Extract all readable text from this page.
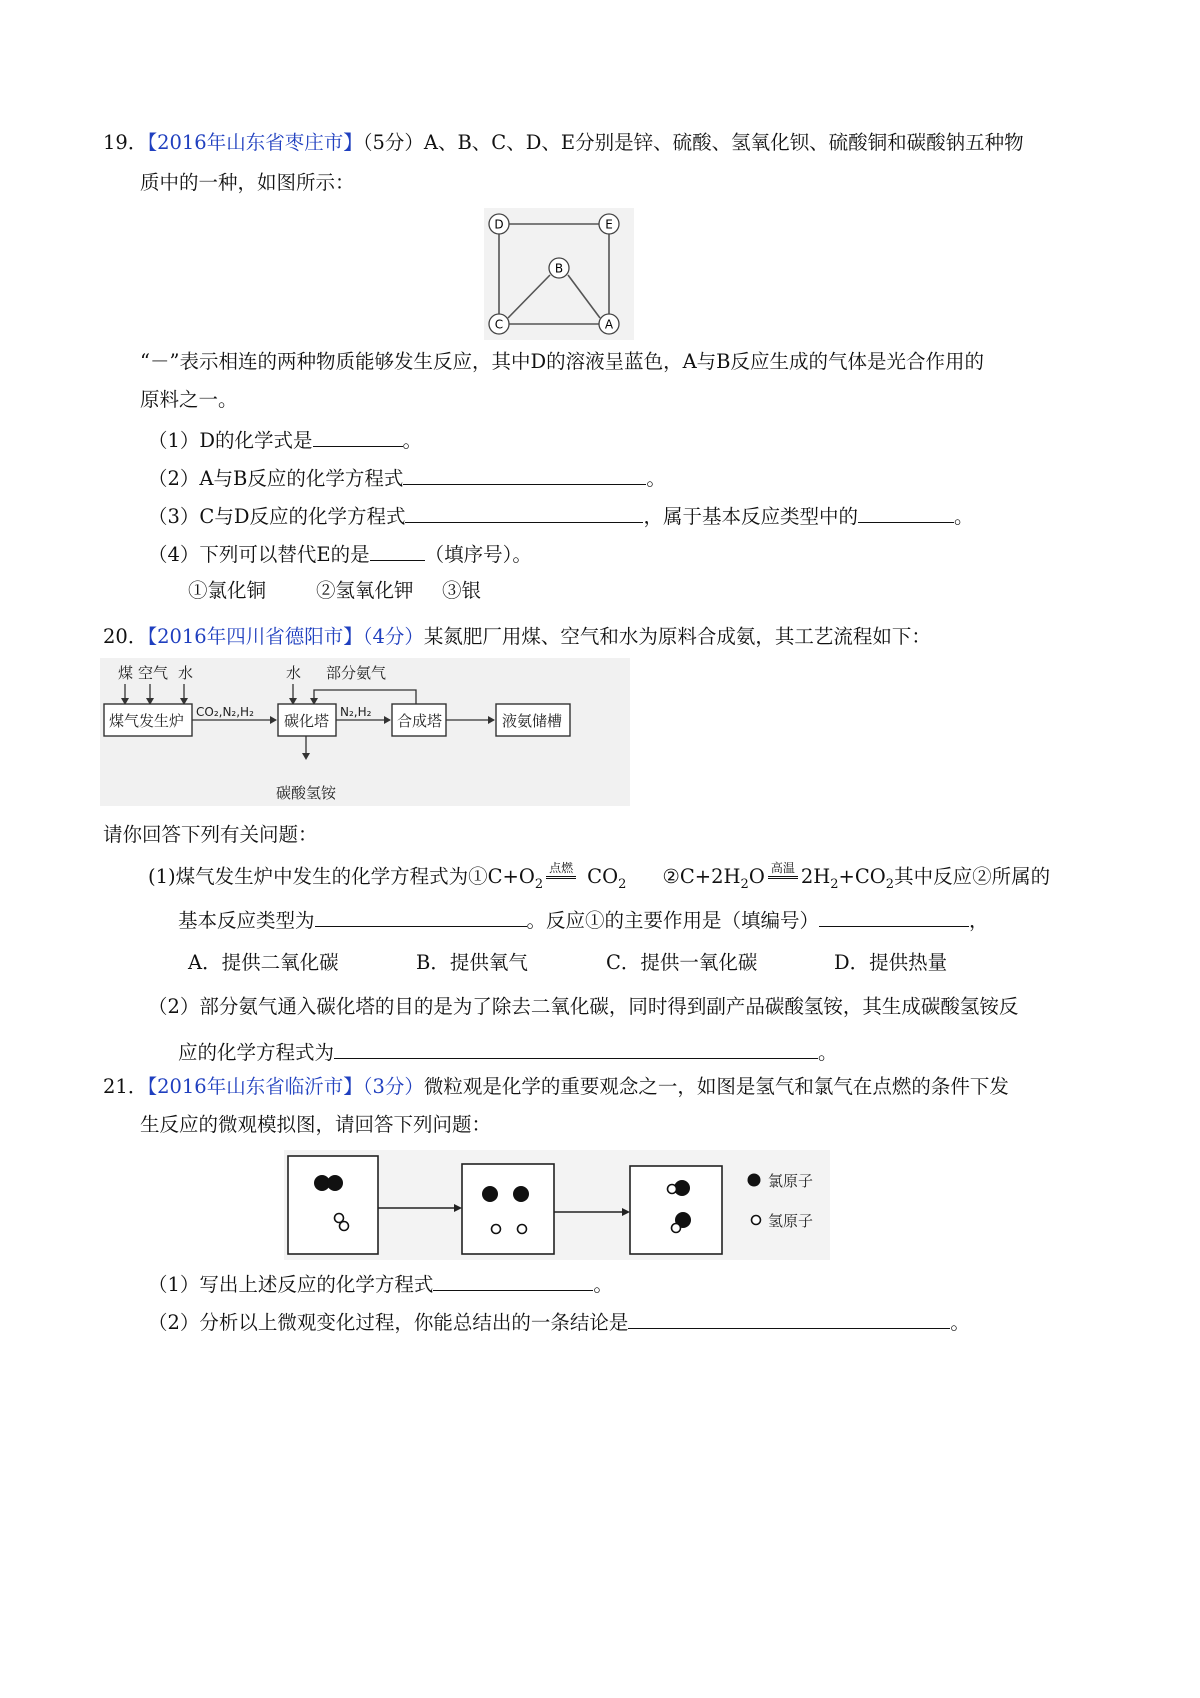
19．【2016年山东省枣庄市】（5分）A、B、C、D、E分别是锌、硫酸、氢氧化钡、硫酸铜和碳酸钠五种物
质中的一种，如图所示：
D	E
B
C	A
“－”表示相连的两种物质能够发生反应，其中D的溶液呈蓝色，A与B反应生成的气体是光合作用的
原料之一。
（1）D的化学式是	。
（2）A与B反应的化学方程式	。
（3）C与D反应的化学方程式	，属于基本反应类型中的	。
（4）下列可以替代E的是	（填序号）。
①氯化铜	②氢氧化钾 ③银
20．【2016年四川省德阳市】（4分）某氮肥厂用煤、空气和水为原料合成氨，其工艺流程如下：
煤 空气 水	水 部分氨气
煤气发生炉	碳化塔	合成塔	液氨储槽
CO₂,N₂,H₂	N₂,H₂
碳酸氢铵
请你回答下列有关问题：
(1)煤气发生炉中发生的化学方程式为$①C+O_2$点燃 $CO_2$ $②C+2H_2O$ 高温 $2H_2+CO_2$其中反应②所属的
基本反应类型为	。反应①的主要作用是（填编号）	，
A．提供二氧化碳	B．提供氧气	C．提供一氧化碳	D．提供热量
（2）部分氨气通入碳化塔的目的是为了除去二氧化碳，同时得到副产品碳酸氢铵，其生成碳酸氢铵反
应的化学方程式为	。
21．【2016年山东省临沂市】（3分）微粒观是化学的重要观念之一，如图是氢气和氯气在点燃的条件下发
生反应的微观模拟图，请回答下列问题：
氯原子
氢原子
（1）写出上述反应的化学方程式	。
（2）分析以上微观变化过程，你能总结出的一条结论是	。
